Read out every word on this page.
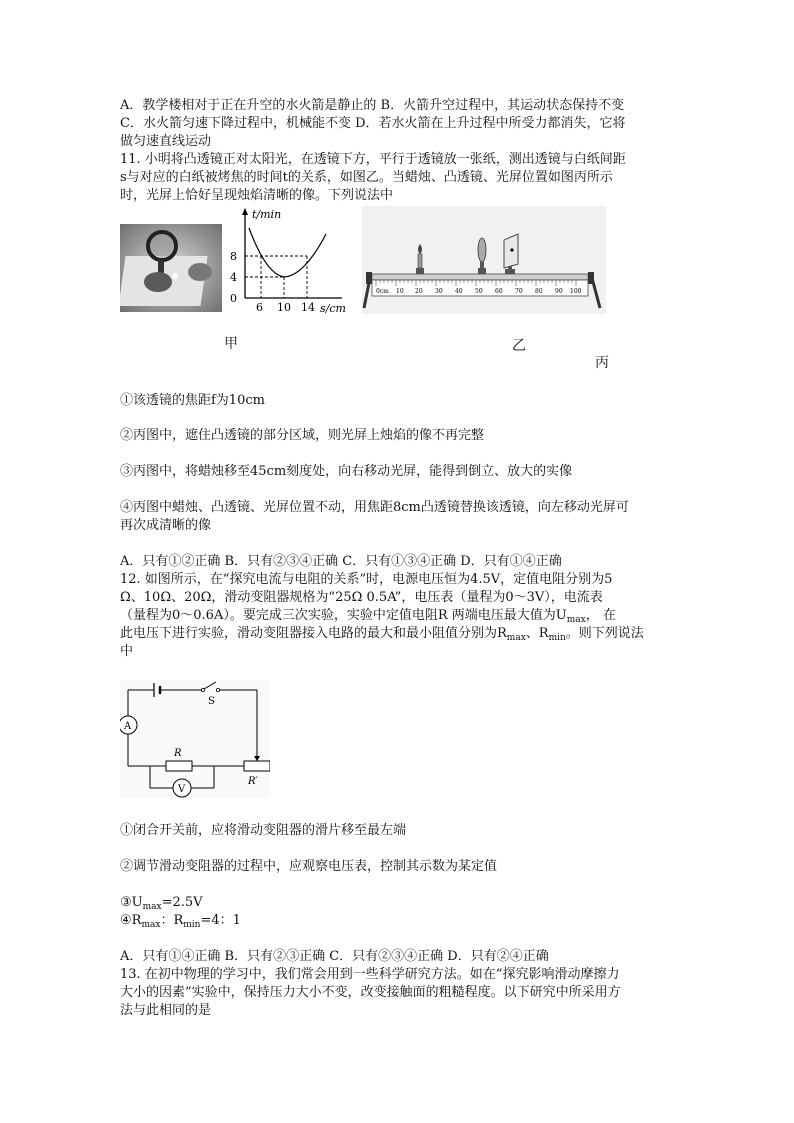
A．教学楼相对于正在升空的水火箭是静止的 B．火箭升空过程中，其运动状态保持不变
C．水火箭匀速下降过程中，机械能不变 D．若水火箭在上升过程中所受力都消失，它将
做匀速直线运动
11. 小明将凸透镜正对太阳光，在透镜下方，平行于透镜放一张纸，测出透镜与白纸间距
s与对应的白纸被烤焦的时间t的关系，如图乙。当蜡烛、凸透镜、光屏位置如图丙所示
时，光屏上恰好呈现烛焰清晰的像。下列说法中
t/min
s/cm
8
4
0
6 10 14
0cm 10 20 30 40 50 60 70 80 90 100
甲	乙
丙
①该透镜的焦距f为10cm
②丙图中，遮住凸透镜的部分区域，则光屏上烛焰的像不再完整
③丙图中，将蜡烛移至45cm刻度处，向右移动光屏，能得到倒立、放大的实像
④丙图中蜡烛、凸透镜、光屏位置不动，用焦距8cm凸透镜替换该透镜，向左移动光屏可
再次成清晰的像
A．只有①②正确 B．只有②③④正确 C．只有①③④正确 D．只有①④正确
12. 如图所示，在“探究电流与电阻的关系”时，电源电压恒为4.5V，定值电阻分别为5
Ω、10Ω、20Ω，滑动变阻器规格为“25Ω 0.5A”，电压表（量程为0～3V），电流表
（量程为0～0.6A）。要完成三次实验，实验中定值电阻R 两端电压最大值为$U_{max}$， 在
此电压下进行实验，滑动变阻器接入电路的最大和最小阻值分别为$R_{max}$、$R_{min}$。则下列说法
中
S
A
R
V
R′
①闭合开关前，应将滑动变阻器的滑片移至最左端
②调节滑动变阻器的过程中，应观察电压表，控制其示数为某定值
$③U_{max}=2.5V$
$④R_{max}$：$R_{min}=4$：1
A．只有①④正确 B．只有②③正确 C．只有②③④正确 D．只有②④正确
13. 在初中物理的学习中，我们常会用到一些科学研究方法。如在“探究影响滑动摩擦力
大小的因素”实验中，保持压力大小不变，改变接触面的粗糙程度。以下研究中所采用方
法与此相同的是
